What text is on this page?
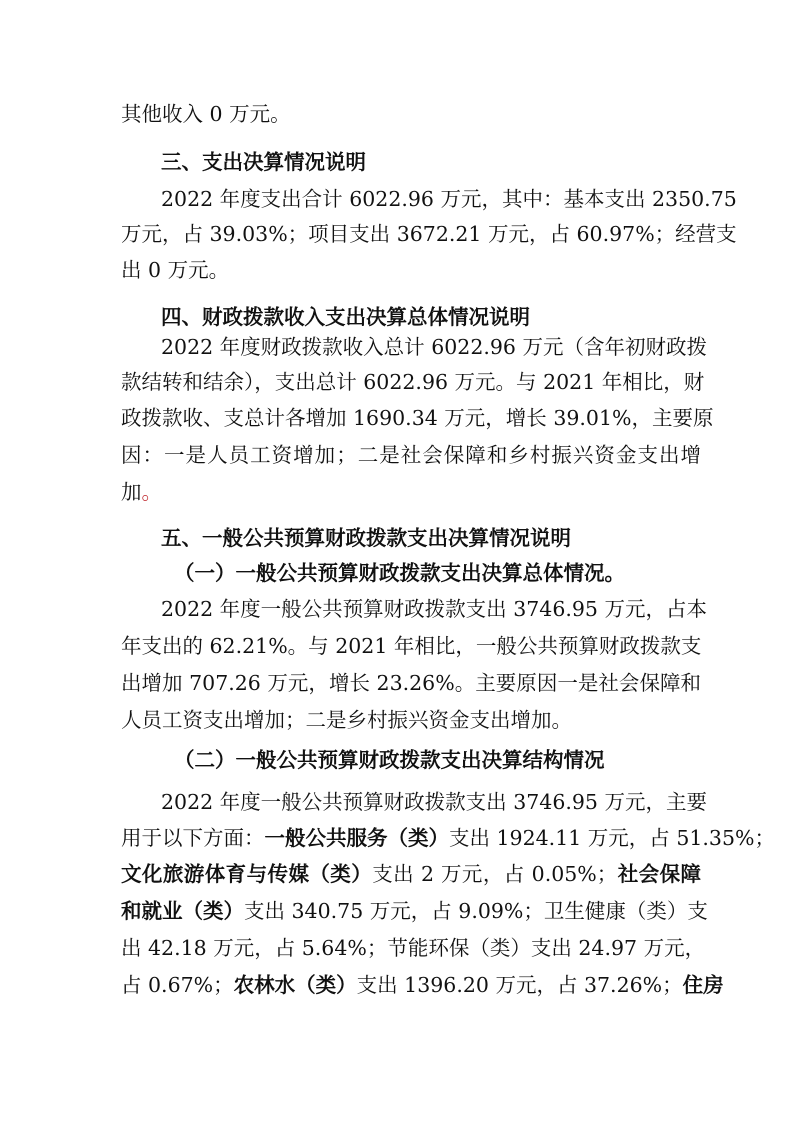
其他收入 0 万元。
三、支出决算情况说明
2022 年度支出合计 6022.96 万元，其中：基本支出 2350.75
万元，占 39.03%；项目支出 3672.21 万元，占 60.97%；经营支
出 0 万元。
四、财政拨款收入支出决算总体情况说明
2022 年度财政拨款收入总计 6022.96 万元（含年初财政拨
款结转和结余），支出总计 6022.96 万元。与 2021 年相比，财
政拨款收、支总计各增加 1690.34 万元，增长 39.01%，主要原
因：一是人员工资增加；二是社会保障和乡村振兴资金支出增
加。
五、一般公共预算财政拨款支出决算情况说明
（一）一般公共预算财政拨款支出决算总体情况。
2022 年度一般公共预算财政拨款支出 3746.95 万元，占本
年支出的 62.21%。与 2021 年相比，一般公共预算财政拨款支
出增加 707.26 万元，增长 23.26%。主要原因一是社会保障和
人员工资支出增加；二是乡村振兴资金支出增加。
（二）一般公共预算财政拨款支出决算结构情况
2022 年度一般公共预算财政拨款支出 3746.95 万元，主要
用于以下方面：一般公共服务（类）支出 1924.11 万元，占 51.35%；
文化旅游体育与传媒（类）支出 2 万元，占 0.05%；社会保障
和就业（类）支出 340.75 万元，占 9.09%；卫生健康（类）支
出 42.18 万元，占 5.64%；节能环保（类）支出 24.97 万元，
占 0.67%；农林水（类）支出 1396.20 万元，占 37.26%；住房
